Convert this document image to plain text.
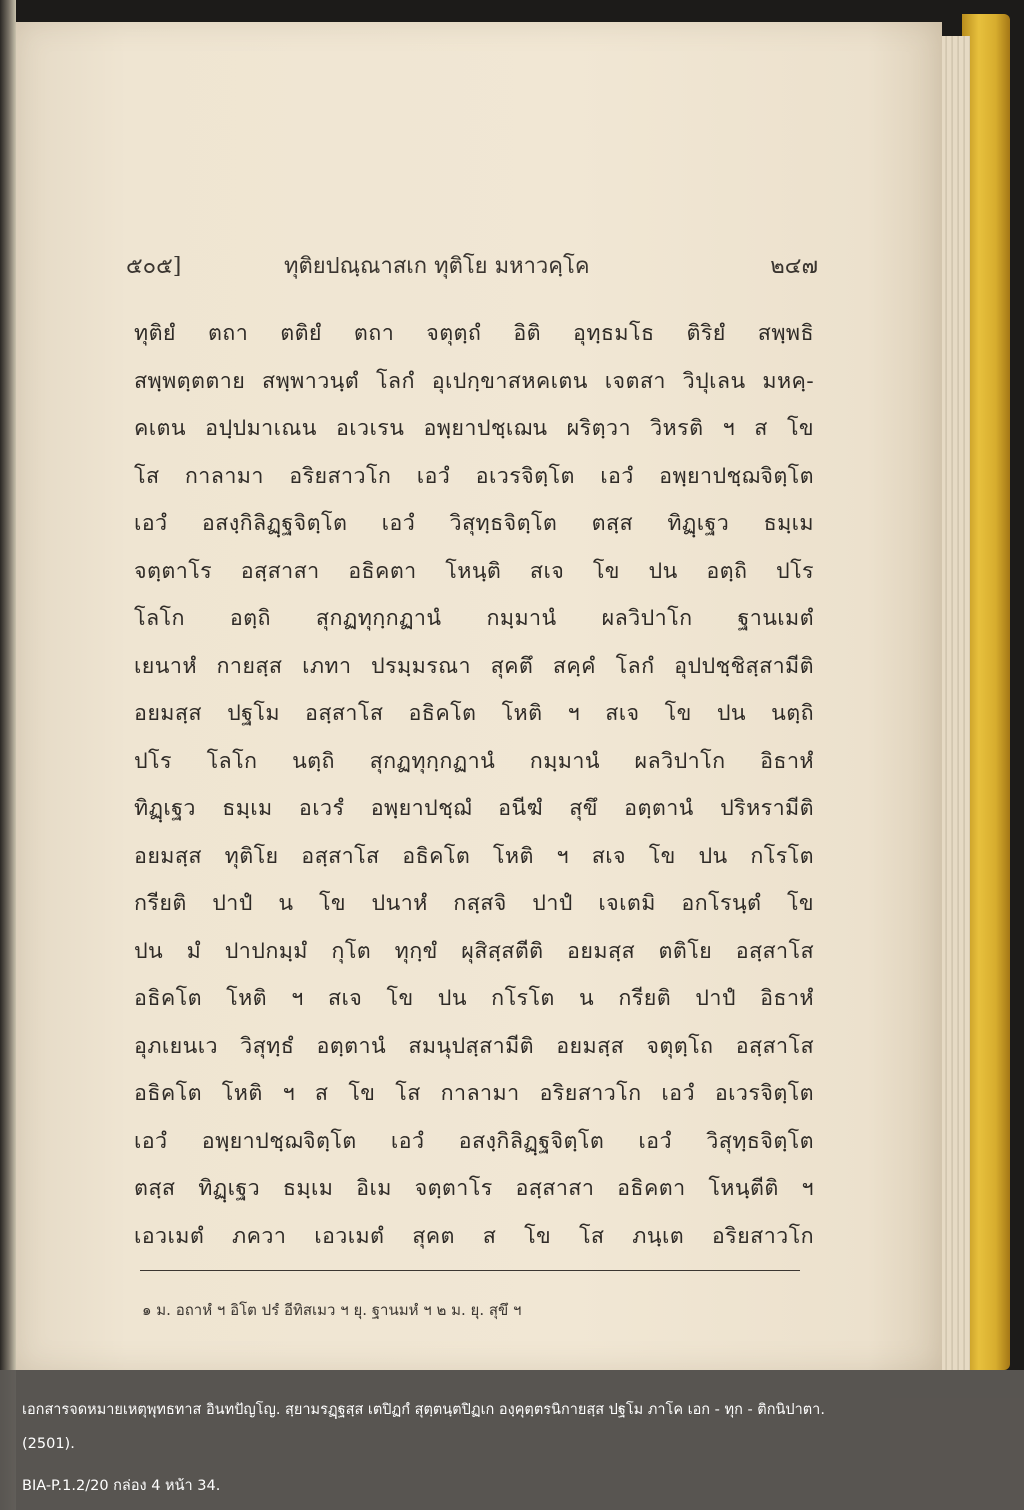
๕๐๕]	ทุติยปณฺณาสเก ทุติโย มหาวคฺโค	๒๔๗
ทุติยํ ตถา ตติยํ ตถา จตุตฺถํ อิติ อุทฺธมโธ ติริยํ สพฺพธิ
สพฺพตฺตตาย สพฺพาวนฺตํ โลกํ อุเปกฺขาสหคเตน เจตสา วิปุเลน มหคฺ-
คเตน อปฺปมาเณน อเวเรน อพฺยาปชฺเฌน ผริตฺวา วิหรติ ฯ ส โข
โส กาลามา อริยสาวโก เอวํ อเวรจิตฺโต เอวํ อพฺยาปชฺฌจิตฺโต
เอวํ อสงฺกิลิฏฺฐจิตฺโต เอวํ วิสุทฺธจิตฺโต ตสฺส ทิฏฺเฐว ธมฺเม
จตฺตาโร อสฺสาสา อธิคตา โหนฺติ สเจ โข ปน อตฺถิ ปโร
โลโก อตฺถิ สุกฏทุกฺกฏานํ กมฺมานํ ผลวิปาโก ฐานเมตํ
เยนาหํ กายสฺส เภทา ปรมฺมรณา สุคตึ สคฺคํ โลกํ อุปปชฺชิสฺสามีติ
อยมสฺส ปฐโม อสฺสาโส อธิคโต โหติ ฯ สเจ โข ปน นตฺถิ
ปโร โลโก นตฺถิ สุกฏทุกฺกฏานํ กมฺมานํ ผลวิปาโก อิธาหํ
ทิฏฺเฐว ธมฺเม อเวรํ อพฺยาปชฺฌํ อนีฆํ สุขึ อตฺตานํ ปริหรามีติ
อยมสฺส ทุติโย อสฺสาโส อธิคโต โหติ ฯ สเจ โข ปน กโรโต
กรียติ ปาปํ น โข ปนาหํ กสฺสจิ ปาปํ เจเตมิ อกโรนฺตํ โข
ปน มํ ปาปกมฺมํ กุโต ทุกฺขํ ผุสิสฺสตีติ อยมสฺส ตติโย อสฺสาโส
อธิคโต โหติ ฯ สเจ โข ปน กโรโต น กรียติ ปาปํ อิธาหํ
อุภเยนเว วิสุทฺธํ อตฺตานํ สมนุปสฺสามีติ อยมสฺส จตุตฺโถ อสฺสาโส
อธิคโต โหติ ฯ ส โข โส กาลามา อริยสาวโก เอวํ อเวรจิตฺโต
เอวํ อพฺยาปชฺฌจิตฺโต เอวํ อสงฺกิลิฏฺฐจิตฺโต เอวํ วิสุทฺธจิตฺโต
ตสฺส ทิฏฺเฐว ธมฺเม อิเม จตฺตาโร อสฺสาสา อธิคตา โหนฺตีติ ฯ
เอวเมตํ ภควา เอวเมตํ สุคต ส โข โส ภนฺเต อริยสาวโก
๑ ม. อถาหํ ฯ อิโต ปรํ อีทิสเมว ฯ ยุ. ฐานมหํ ฯ ๒ ม. ยุ. สุขึ ฯ
เอกสารจดหมายเหตุพุทธทาส อินทปัญโญ. สฺยามรฏฺฐสฺส เตปิฏกํ สุตฺตนฺตปิฏเก องฺคุตฺตรนิกายสฺส ปฐโม ภาโค เอก - ทุก - ติกนิปาตา.
(2501).
BIA-P.1.2/20 กล่อง 4 หน้า 34.
